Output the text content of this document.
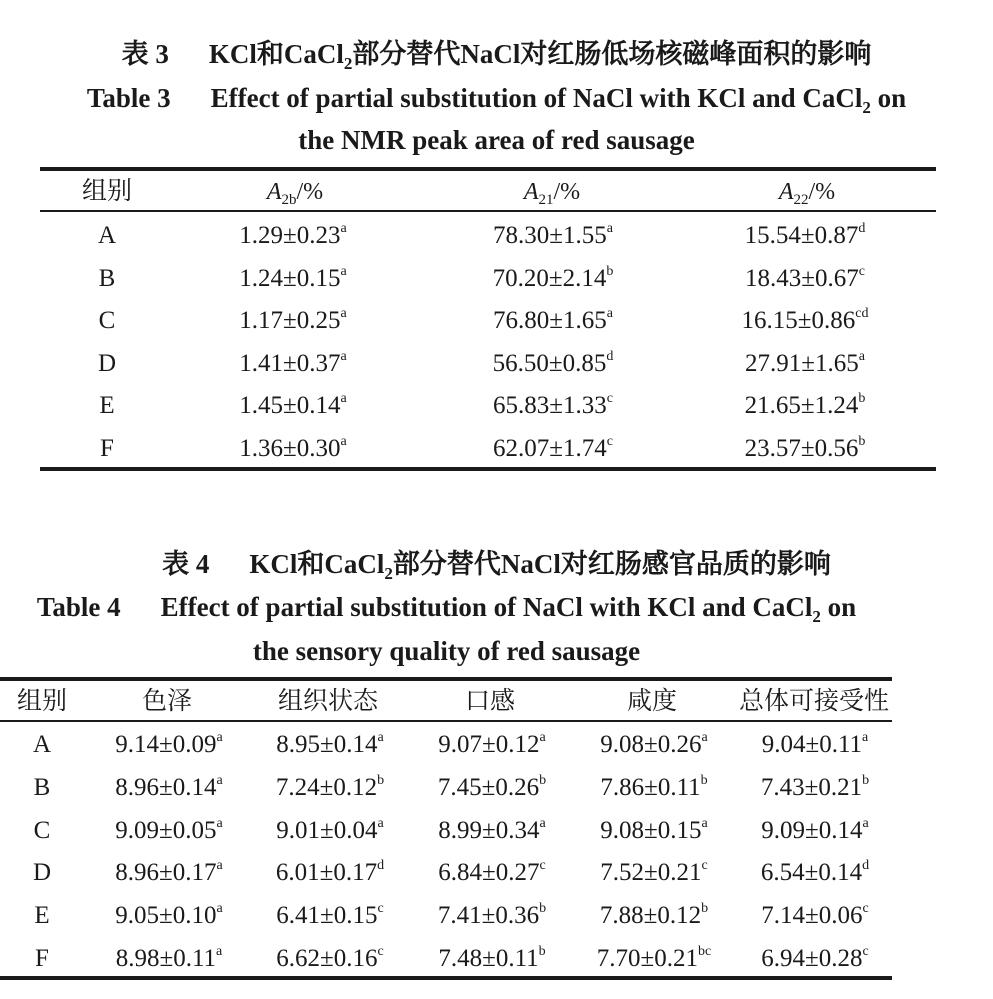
表 3 KCl和CaCl$_2$部分替代NaCl对红肠低场核磁峰面积的影响
Table 3 Effect of partial substitution of NaCl with KCl and CaCl$_2$ on
the NMR peak area of red sausage
组别	$A_{2b}/\%$	$A_{21}/\%$	$A_{22}/\%$
A	1.29±0.23$^a$	78.30±1.55$^a$	15.54±0.87$^d$
B	1.24±0.15$^a$	70.20±2.14$^b$	18.43±0.67$^c$
C	1.17±0.25$^a$	76.80±1.65$^a$	16.15±0.86$^{cd}$
D	1.41±0.37$^a$	56.50±0.85$^d$	27.91±1.65$^a$
E	1.45±0.14$^a$	65.83±1.33$^c$	21.65±1.24$^b$
F	1.36±0.30$^a$	62.07±1.74$^c$	23.57±0.56$^b$
表 4 KCl和CaCl$_2$部分替代NaCl对红肠感官品质的影响
Table 4 Effect of partial substitution of NaCl with KCl and CaCl$_2$ on
the sensory quality of red sausage
组别	色泽	组织状态	口感	咸度	总体可接受性
A	9.14±0.09$^a$	8.95±0.14$^a$	9.07±0.12$^a$	9.08±0.26$^a$	9.04±0.11$^a$
B	8.96±0.14$^a$	7.24±0.12$^b$	7.45±0.26$^b$	7.86±0.11$^b$	7.43±0.21$^b$
C	9.09±0.05$^a$	9.01±0.04$^a$	8.99±0.34$^a$	9.08±0.15$^a$	9.09±0.14$^a$
D	8.96±0.17$^a$	6.01±0.17$^d$	6.84±0.27$^c$	7.52±0.21$^c$	6.54±0.14$^d$
E	9.05±0.10$^a$	6.41±0.15$^c$	7.41±0.36$^b$	7.88±0.12$^b$	7.14±0.06$^c$
F	8.98±0.11$^a$	6.62±0.16$^c$	7.48±0.11$^b$	7.70±0.21$^{bc}$	6.94±0.28$^c$
